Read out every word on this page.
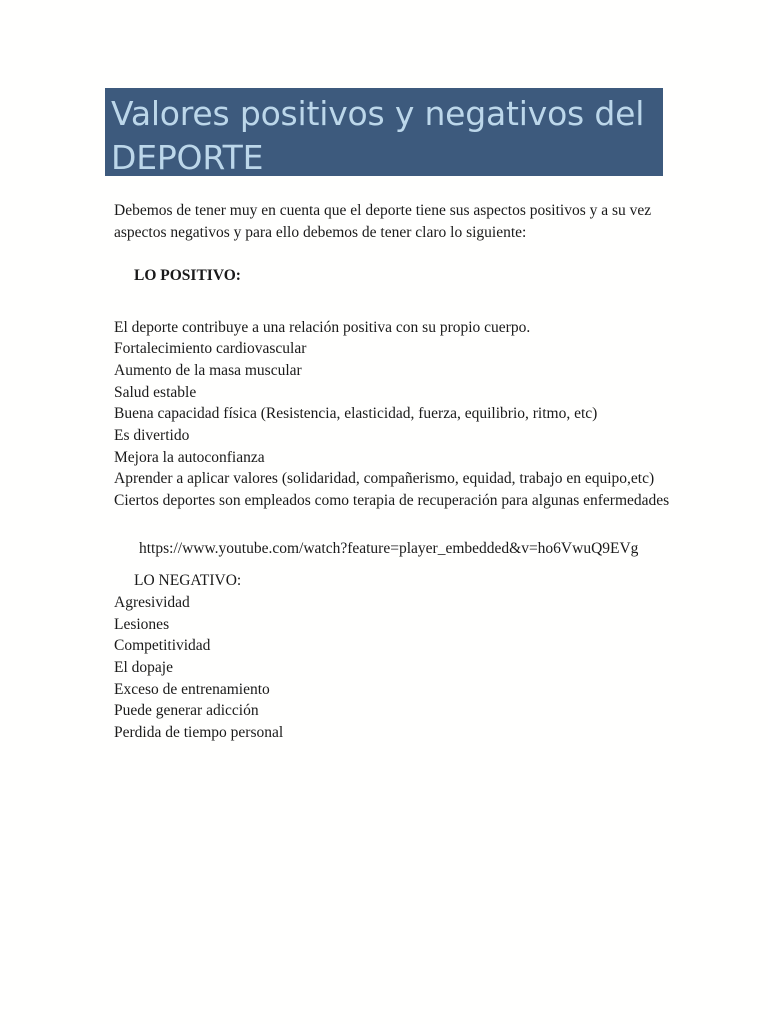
Valores positivos y negativos del DEPORTE

Debemos de tener muy en cuenta que el deporte tiene sus aspectos positivos y a su vez aspectos negativos y para ello debemos de tener claro lo siguiente:

LO POSITIVO:

El deporte contribuye a una relación positiva con su propio cuerpo.
Fortalecimiento cardiovascular
Aumento de la masa muscular
Salud estable
Buena capacidad física (Resistencia, elasticidad, fuerza, equilibrio, ritmo, etc)
Es divertido
Mejora la autoconfianza
Aprender a aplicar valores (solidaridad, compañerismo, equidad, trabajo en equipo,etc)
Ciertos deportes son empleados como terapia de recuperación para algunas enfermedades

https://www.youtube.com/watch?feature=player_embedded&v=ho6VwuQ9EVg

LO NEGATIVO:

Agresividad
Lesiones
Competitividad
El dopaje
Exceso de entrenamiento
Puede generar adicción
Perdida de tiempo personal
